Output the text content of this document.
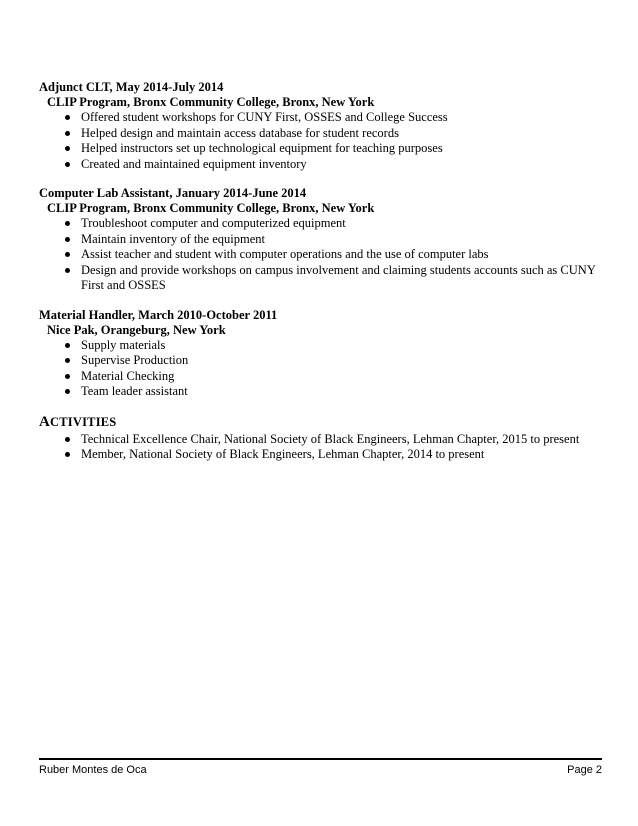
Adjunct CLT, May 2014-July 2014

CLIP Program, Bronx Community College, Bronx, New York

Offered student workshops for CUNY First, OSSES and College Success
Helped design and maintain access database for student records
Helped instructors set up technological equipment for teaching purposes
Created and maintained equipment inventory

Computer Lab Assistant, January 2014-June 2014

CLIP Program, Bronx Community College, Bronx, New York

Troubleshoot computer and computerized equipment
Maintain inventory of the equipment
Assist teacher and student with computer operations and the use of computer labs
Design and provide workshops on campus involvement and claiming students accounts such as CUNY First and OSSES

Material Handler, March 2010-October 2011

Nice Pak, Orangeburg, New York

Supply materials
Supervise Production
Material Checking
Team leader assistant

ACTIVITIES

Technical Excellence Chair, National Society of Black Engineers, Lehman Chapter, 2015 to present
Member, National Society of Black Engineers, Lehman Chapter, 2014 to present
Ruber Montes de Oca	Page 2
